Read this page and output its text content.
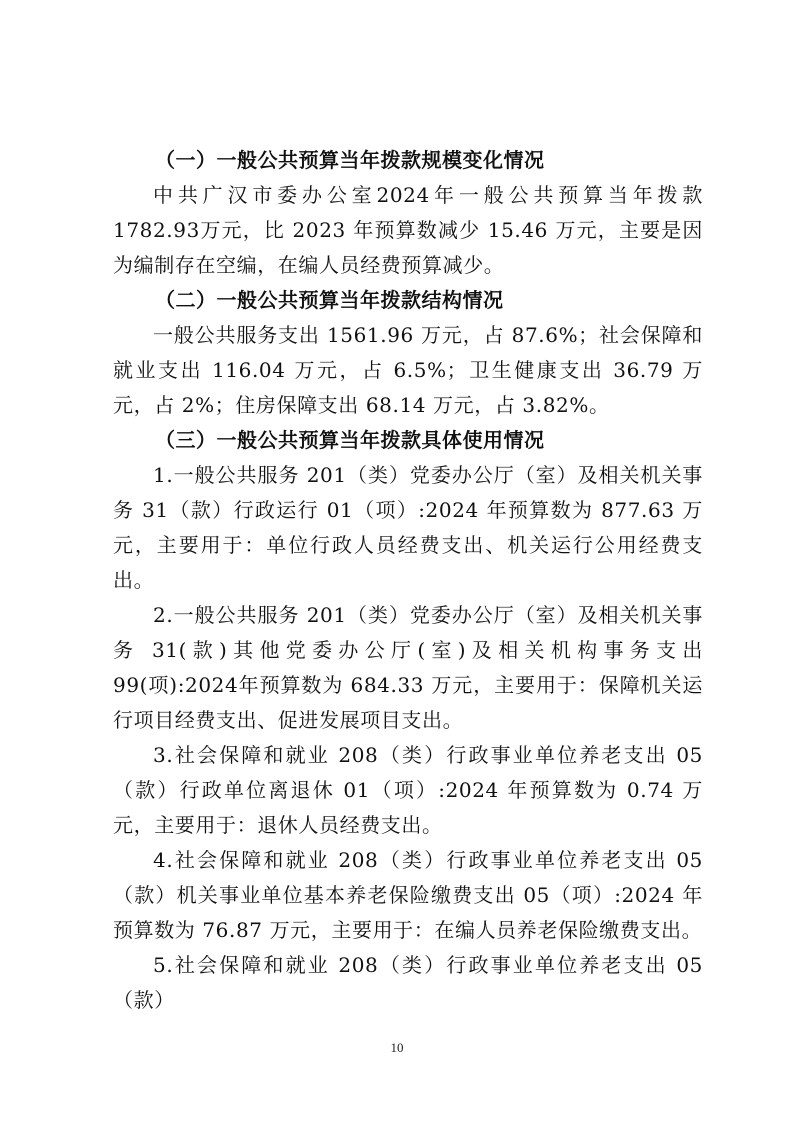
（一）一般公共预算当年拨款规模变化情况

中共广汉市委办公室2024年一般公共预算当年拨款1782.93万元，比 2023 年预算数减少 15.46 万元，主要是因为编制存在空编，在编人员经费预算减少。

（二）一般公共预算当年拨款结构情况

一般公共服务支出 1561.96 万元，占 87.6%；社会保障和就业支出 116.04 万元，占 6.5%；卫生健康支出 36.79 万元，占 2%；住房保障支出 68.14 万元，占 3.82%。

（三）一般公共预算当年拨款具体使用情况

1.一般公共服务 201（类）党委办公厅（室）及相关机关事务 31（款）行政运行 01（项）:2024 年预算数为 877.63 万元，主要用于：单位行政人员经费支出、机关运行公用经费支出。

2.一般公共服务 201（类）党委办公厅（室）及相关机关事务 31(款)其他党委办公厅(室)及相关机构事务支出 99(项):2024年预算数为 684.33 万元，主要用于：保障机关运行项目经费支出、促进发展项目支出。

3.社会保障和就业 208（类）行政事业单位养老支出 05（款）行政单位离退休 01（项）:2024 年预算数为 0.74 万元，主要用于：退休人员经费支出。

4.社会保障和就业 208（类）行政事业单位养老支出 05（款）机关事业单位基本养老保险缴费支出 05（项）:2024 年预算数为 76.87 万元，主要用于：在编人员养老保险缴费支出。

5.社会保障和就业 208（类）行政事业单位养老支出 05（款）

10
